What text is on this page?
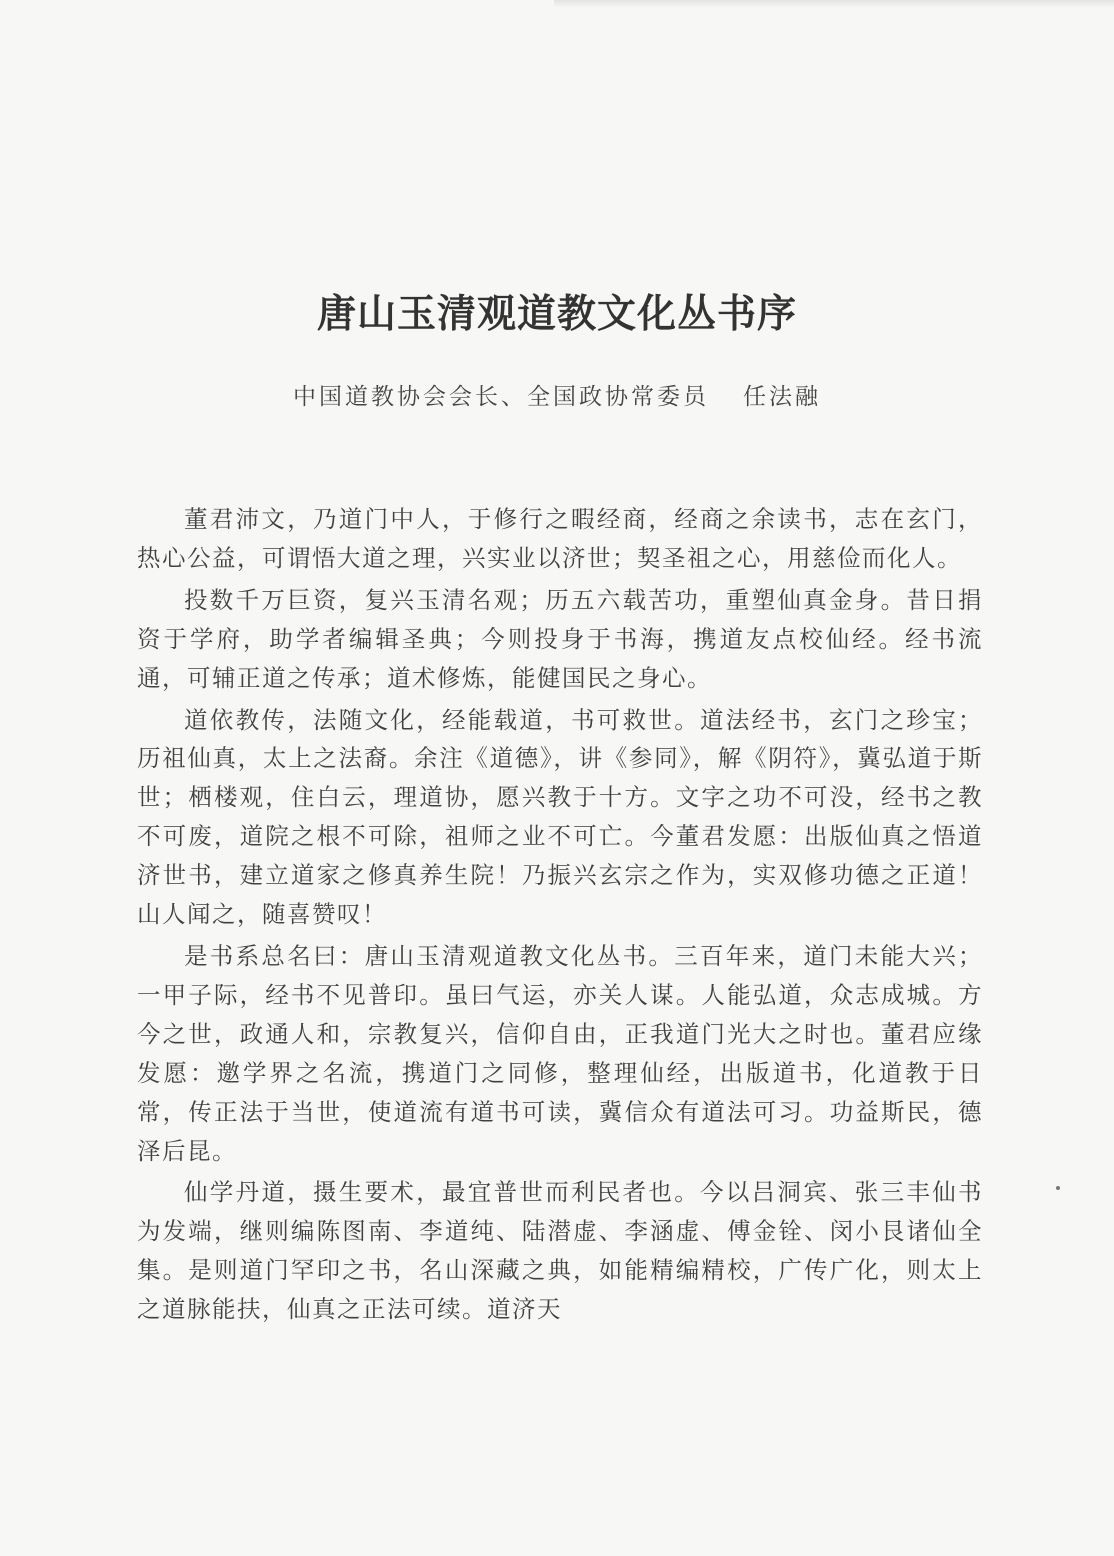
唐山玉清观道教文化丛书序
中国道教协会会长、全国政协常委员 任法融

董君沛文，乃道门中人，于修行之暇经商，经商之余读书，志在玄门，热心公益，可谓悟大道之理，兴实业以济世；契圣祖之心，用慈俭而化人。

投数千万巨资，复兴玉清名观；历五六载苦功，重塑仙真金身。昔日捐资于学府，助学者编辑圣典；今则投身于书海，携道友点校仙经。经书流通，可辅正道之传承；道术修炼，能健国民之身心。

道依教传，法随文化，经能载道，书可救世。道法经书，玄门之珍宝；历祖仙真，太上之法裔。余注《道德》，讲《参同》，解《阴符》，冀弘道于斯世；栖楼观，住白云，理道协，愿兴教于十方。文字之功不可没，经书之教不可废，道院之根不可除，祖师之业不可亡。今董君发愿：出版仙真之悟道济世书，建立道家之修真养生院！乃振兴玄宗之作为，实双修功德之正道！山人闻之，随喜赞叹！

是书系总名曰：唐山玉清观道教文化丛书。三百年来，道门未能大兴；一甲子际，经书不见普印。虽曰气运，亦关人谋。人能弘道，众志成城。方今之世，政通人和，宗教复兴，信仰自由，正我道门光大之时也。董君应缘发愿：邀学界之名流，携道门之同修，整理仙经，出版道书，化道教于日常，传正法于当世，使道流有道书可读，冀信众有道法可习。功益斯民，德泽后昆。

仙学丹道，摄生要术，最宜普世而利民者也。今以吕洞宾、张三丰仙书为发端，继则编陈图南、李道纯、陆潜虚、李涵虚、傅金铨、闵小艮诸仙全集。是则道门罕印之书，名山深藏之典，如能精编精校，广传广化，则太上之道脉能扶，仙真之正法可续。道济天
